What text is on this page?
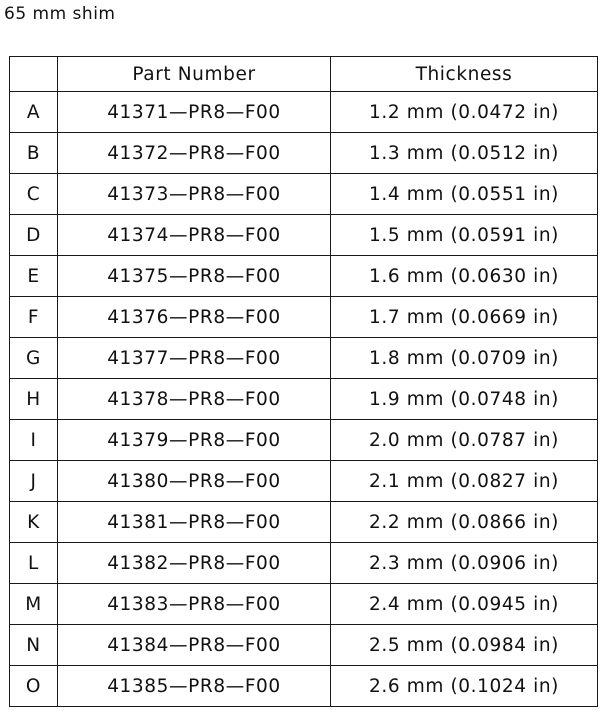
65 mm shim
	Part Number	Thickness
A	41371—PR8—F00	1.2 mm (0.0472 in)
B	41372—PR8—F00	1.3 mm (0.0512 in)
C	41373—PR8—F00	1.4 mm (0.0551 in)
D	41374—PR8—F00	1.5 mm (0.0591 in)
E	41375—PR8—F00	1.6 mm (0.0630 in)
F	41376—PR8—F00	1.7 mm (0.0669 in)
G	41377—PR8—F00	1.8 mm (0.0709 in)
H	41378—PR8—F00	1.9 mm (0.0748 in)
I	41379—PR8—F00	2.0 mm (0.0787 in)
J	41380—PR8—F00	2.1 mm (0.0827 in)
K	41381—PR8—F00	2.2 mm (0.0866 in)
L	41382—PR8—F00	2.3 mm (0.0906 in)
M	41383—PR8—F00	2.4 mm (0.0945 in)
N	41384—PR8—F00	2.5 mm (0.0984 in)
O	41385—PR8—F00	2.6 mm (0.1024 in)
